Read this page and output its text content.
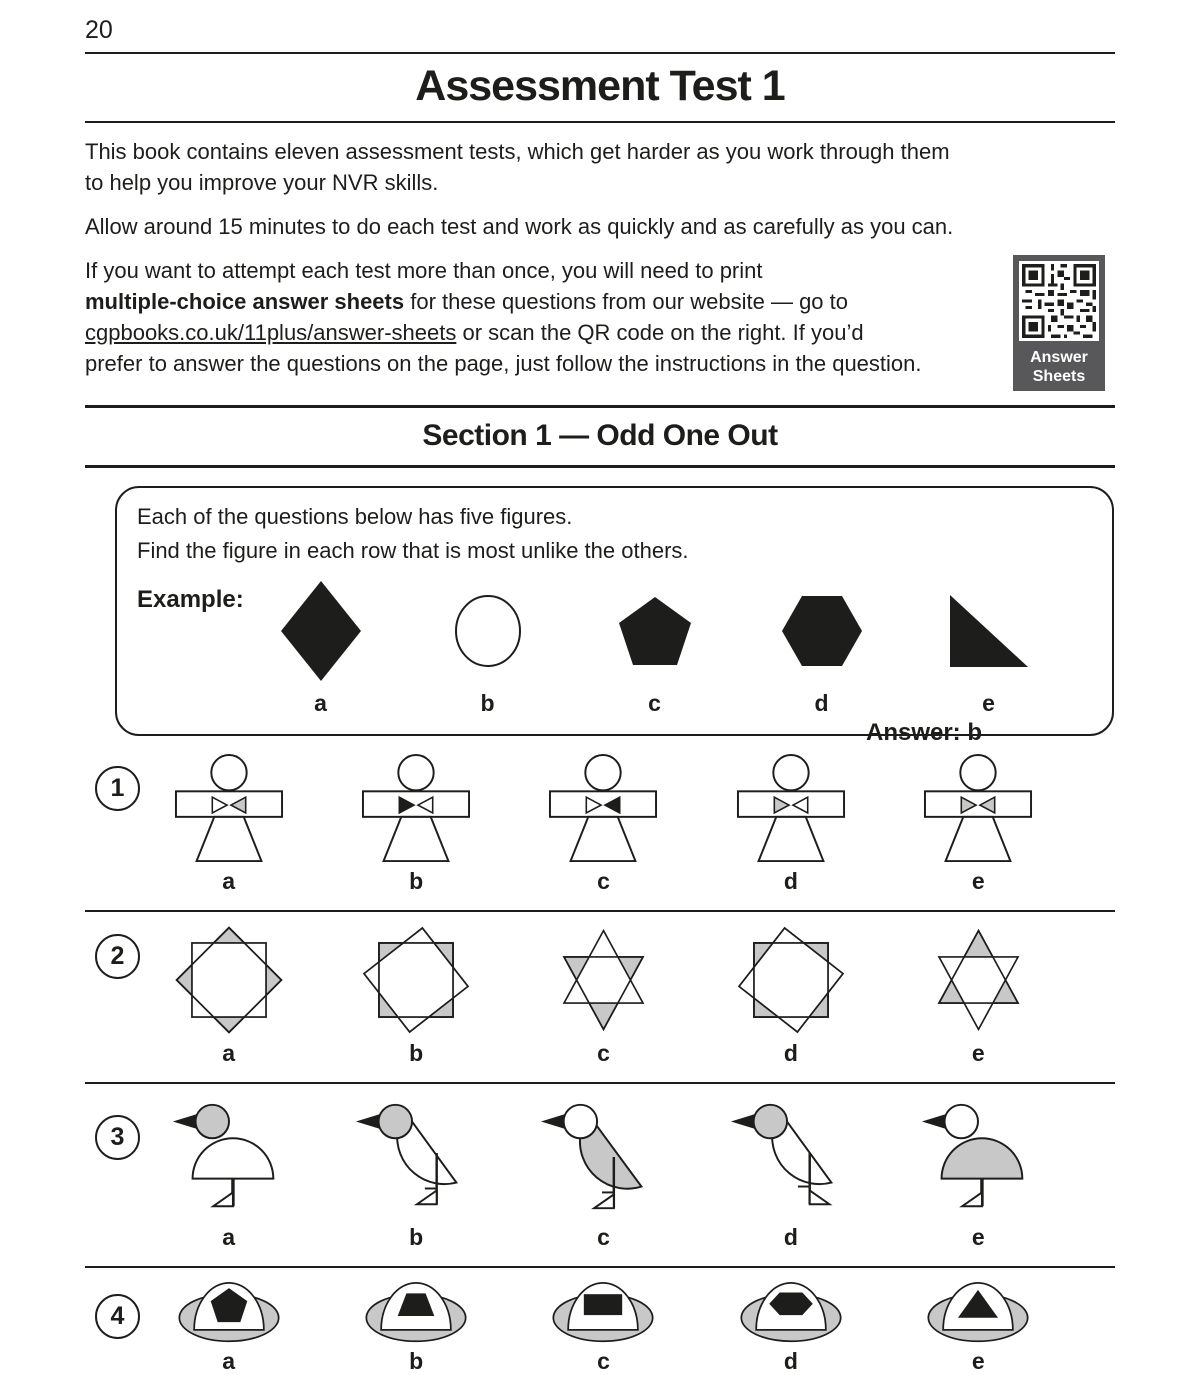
20
Assessment Test 1

This book contains eleven assessment tests, which get harder as you work through them
to help you improve your NVR skills.

Allow around 15 minutes to do each test and work as quickly and as carefully as you can.

If you want to attempt each test more than once, you will need to print
multiple-choice answer sheets for these questions from our website — go to
cgpbooks.co.uk/11plus/answer-sheets or scan the QR code on the right. If you’d
prefer to answer the questions on the page, just follow the instructions in the question.	Answer
Sheets
Section 1 — Odd One Out
Each of the questions below has five figures.
Find the figure in each row that is most unlike the others.
Example:
a	b	c	d	e
Answer: b
1
a	b	c	d	e
2
a	b	c	d	e
3
a	b	c	d	e
4
a	b	c	d	e
